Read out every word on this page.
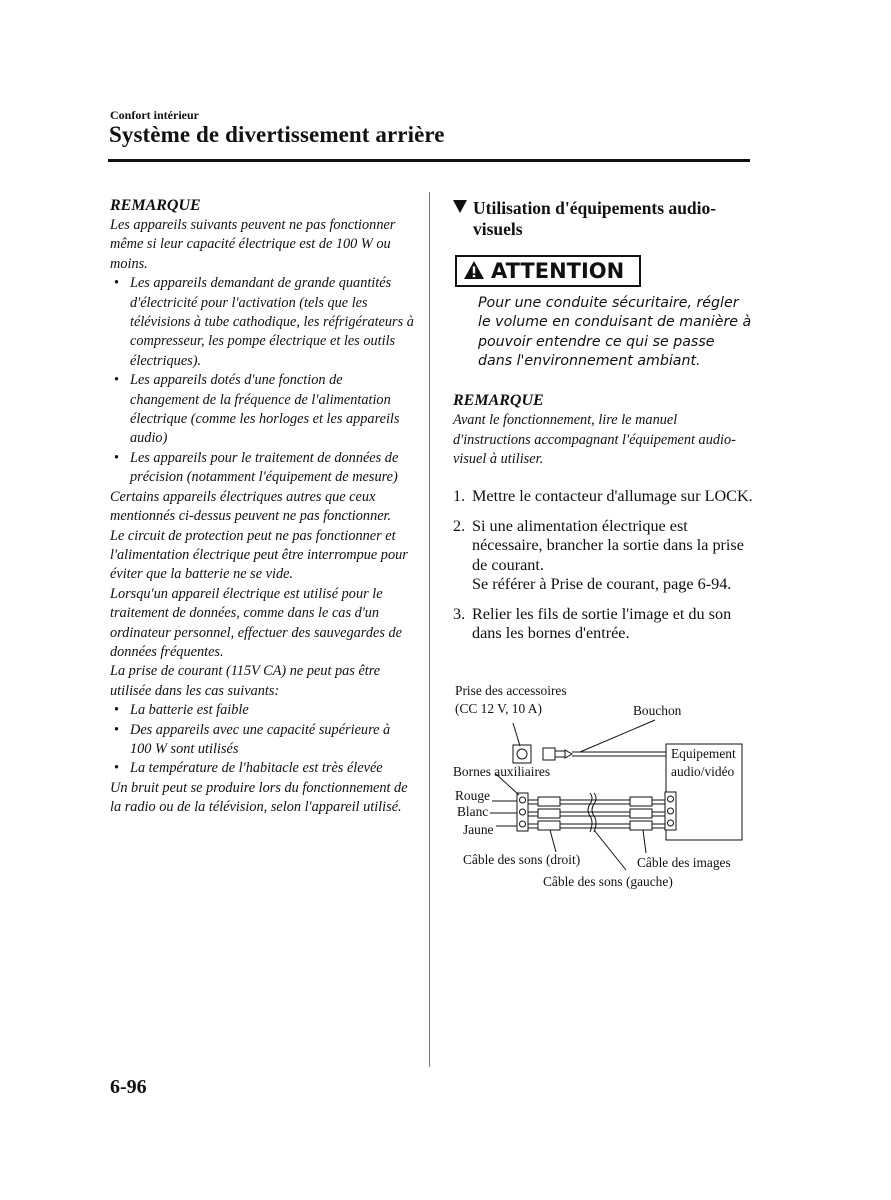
Confort intérieur
Système de divertissement arrière
REMARQUE

Les appareils suivants peuvent ne pas fonctionner même si leur capacité électrique est de 100 W ou moins.

• Les appareils demandant de grande quantités d'électricité pour l'activation (tels que les télévisions à tube cathodique, les réfrigérateurs à compresseur, les pompe électrique et les outils électriques).
• Les appareils dotés d'une fonction de changement de la fréquence de l'alimentation électrique (comme les horloges et les appareils audio)
• Les appareils pour le traitement de données de précision (notamment l'équipement de mesure)

Certains appareils électriques autres que ceux mentionnés ci-dessus peuvent ne pas fonctionner.

Le circuit de protection peut ne pas fonctionner et l'alimentation électrique peut être interrompue pour éviter que la batterie ne se vide.

Lorsqu'un appareil électrique est utilisé pour le traitement de données, comme dans le cas d'un ordinateur personnel, effectuer des sauvegardes de données fréquentes.

La prise de courant (115V CA) ne peut pas être utilisée dans les cas suivants:

• La batterie est faible
• Des appareils avec une capacité supérieure à 100 W sont utilisés
• La température de l'habitacle est très élevée

Un bruit peut se produire lors du fonctionnement de la radio ou de la télévision, selon l'appareil utilisé.

Utilisation d'équipements audio-visuels
ATTENTION
Pour une conduite sécuritaire, régler le volume en conduisant de manière à pouvoir entendre ce qui se passe dans l'environnement ambiant.
REMARQUE
Avant le fonctionnement, lire le manuel d'instructions accompagnant l'équipement audio-visuel à utiliser.
1. Mettre le contacteur d'allumage sur LOCK.
2. Si une alimentation électrique est nécessaire, brancher la sortie dans la prise de courant.
Se référer à Prise de courant, page 6-94.
3. Relier les fils de sortie l'image et du son dans les bornes d'entrée.
Prise des accessoires
(CC 12 V, 10 A)	Bouchon
Equipement
audio/vidéo
Bornes auxiliaires
Rouge
Blanc
Jaune
Câble des sons (droit)	Câble des images
Câble des sons (gauche)
6-96
